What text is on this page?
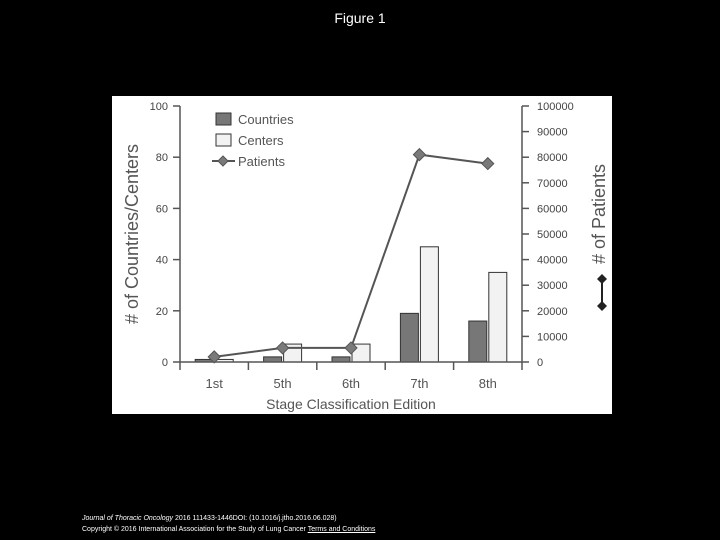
Figure 1
0
20
40
60
80
100
0
10000
20000
30000
40000
50000
60000
70000
80000
90000
100000
1st	5th	6th	7th	8th
Stage Classification Edition
# of Countries/Centers	# of Patients
Countries
Centers
Patients
Journal of Thoracic Oncology 2016 111433-1446DOI: (10.1016/j.jtho.2016.06.028)
Copyright © 2016 International Association for the Study of Lung Cancer Terms and Conditions
